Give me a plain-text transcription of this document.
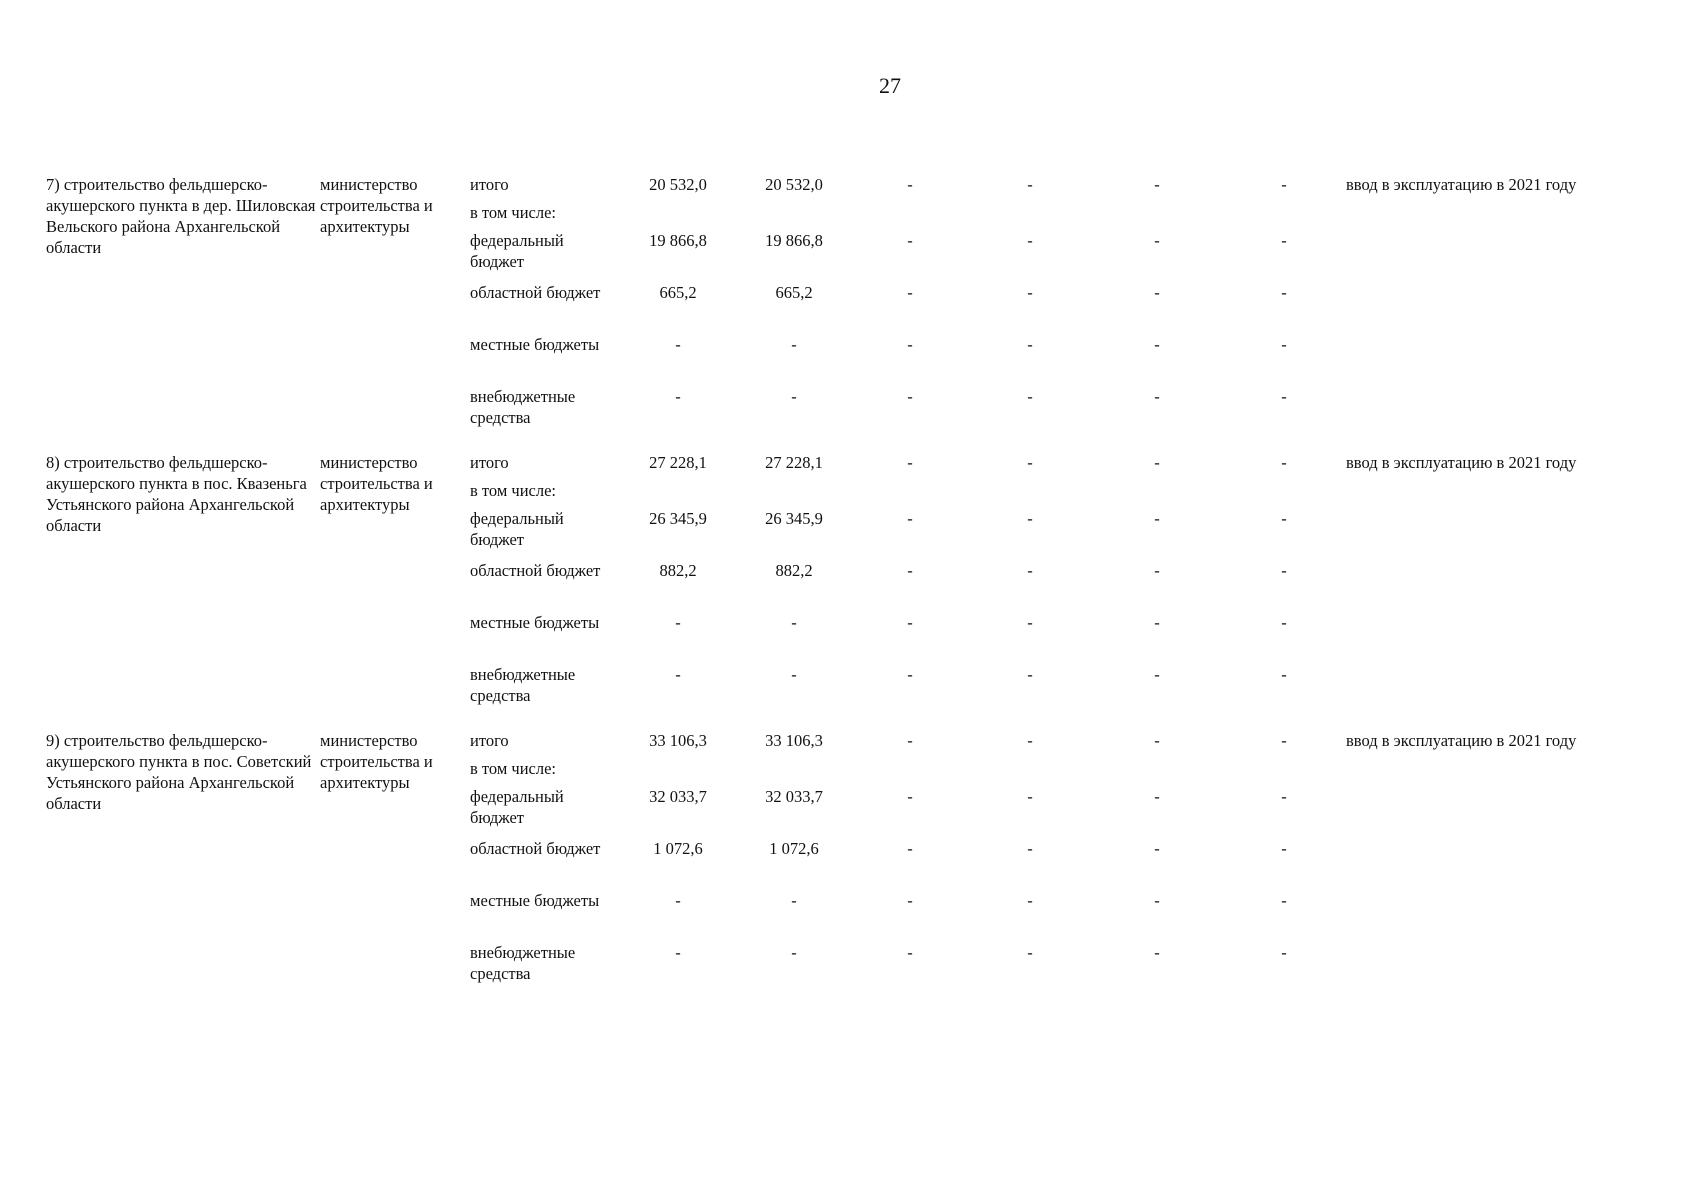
27
7) строительство фельдшерско-акушерского пункта в дер. Шиловская Вельского района Архангельской области	министерство строительства и архитектуры	итого	20 532,0	20 532,0	-	-	-	-	ввод в эксплуатацию в 2021 году
		в том числе:							
		федеральный бюджет	19 866,8	19 866,8	-	-	-	-	
		областной бюджет	665,2	665,2	-	-	-	-	
		местные бюджеты	-	-	-	-	-	-	
		внебюджетные средства	-	-	-	-	-	-	

8) строительство фельдшерско-акушерского пункта в пос. Квазеньга Устьянского района Архангельской области	министерство строительства и архитектуры	итого	27 228,1	27 228,1	-	-	-	-	ввод в эксплуатацию в 2021 году
		в том числе:							
		федеральный бюджет	26 345,9	26 345,9	-	-	-	-	
		областной бюджет	882,2	882,2	-	-	-	-	
		местные бюджеты	-	-	-	-	-	-	
		внебюджетные средства	-	-	-	-	-	-	

9) строительство фельдшерско-акушерского пункта в пос. Советский Устьянского района Архангельской области	министерство строительства и архитектуры	итого	33 106,3	33 106,3	-	-	-	-	ввод в эксплуатацию в 2021 году
		в том числе:							
		федеральный бюджет	32 033,7	32 033,7	-	-	-	-	
		областной бюджет	1 072,6	1 072,6	-	-	-	-	
		местные бюджеты	-	-	-	-	-	-	
		внебюджетные средства	-	-	-	-	-	-	
